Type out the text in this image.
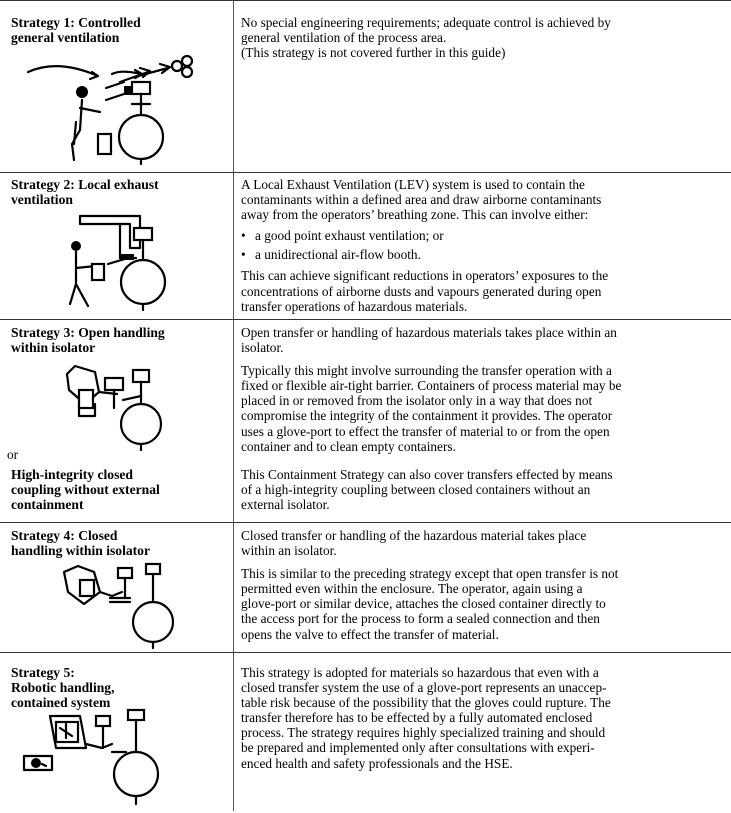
Strategy 1: Controlled
general ventilation

No special engineering requirements; adequate control is achieved by
general ventilation of the process area.
(This strategy is not covered further in this guide)

Strategy 2: Local exhaust
ventilation

A Local Exhaust Ventilation (LEV) system is used to contain the
contaminants within a defined area and draw airborne contaminants
away from the operators’ breathing zone. This can involve either:

• a good point exhaust ventilation; or

• a unidirectional air-flow booth.

This can achieve significant reductions in operators’ exposures to the
concentrations of airborne dusts and vapours generated during open
transfer operations of hazardous materials.

Strategy 3: Open handling
within isolator

or

High-integrity closed
coupling without external
containment

Open transfer or handling of hazardous materials takes place within an
isolator.

Typically this might involve surrounding the transfer operation with a
fixed or flexible air-tight barrier. Containers of process material may be
placed in or removed from the isolator only in a way that does not
compromise the integrity of the containment it provides. The operator
uses a glove-port to effect the transfer of material to or from the open
container and to clean empty containers.

This Containment Strategy can also cover transfers effected by means
of a high-integrity coupling between closed containers without an
external isolator.

Strategy 4: Closed
handling within isolator

Closed transfer or handling of the hazardous material takes place
within an isolator.

This is similar to the preceding strategy except that open transfer is not
permitted even within the enclosure. The operator, again using a
glove-port or similar device, attaches the closed container directly to
the access port for the process to form a sealed connection and then
opens the valve to effect the transfer of material.

Strategy 5:
Robotic handling,
contained system

This strategy is adopted for materials so hazardous that even with a
closed transfer system the use of a glove-port represents an unaccep-
table risk because of the possibility that the gloves could rupture. The
transfer therefore has to be effected by a fully automated enclosed
process. The strategy requires highly specialized training and should
be prepared and implemented only after consultations with experi-
enced health and safety professionals and the HSE.
